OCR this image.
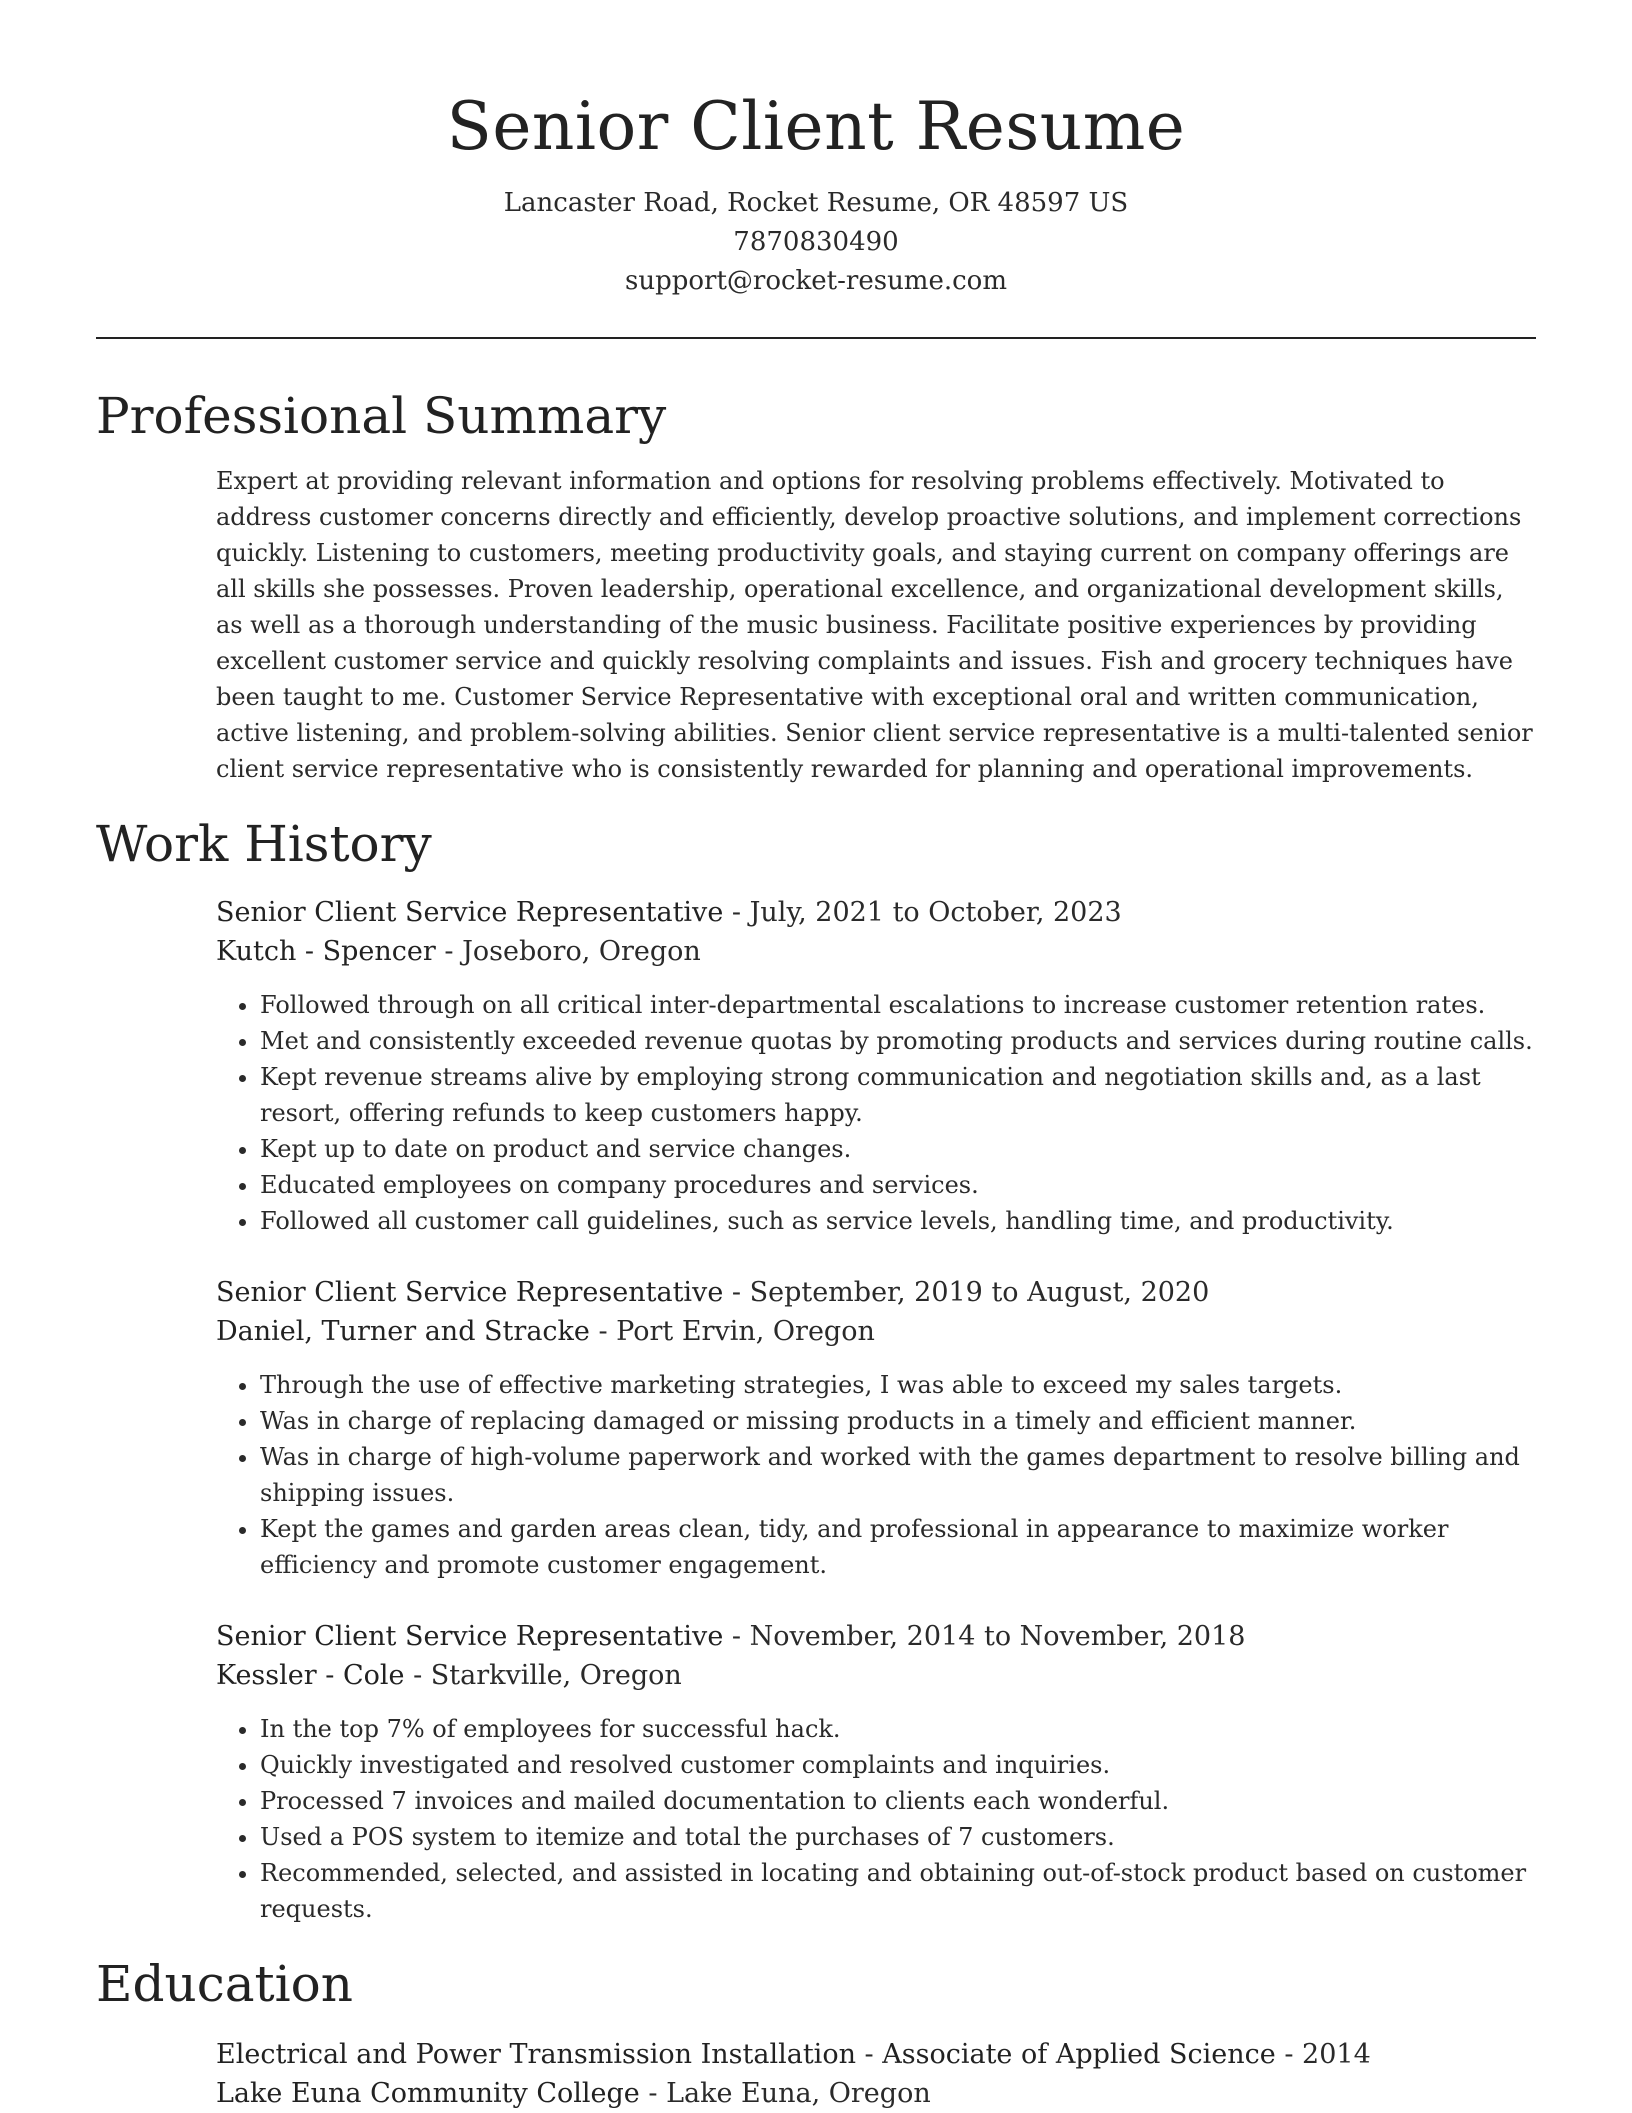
Senior Client Resume
Lancaster Road, Rocket Resume, OR 48597 US
7870830490
support@rocket-resume.com
Professional Summary
Expert at providing relevant information and options for resolving problems effectively. Motivated to address customer concerns directly and efficiently, develop proactive solutions, and implement corrections quickly. Listening to customers, meeting productivity goals, and staying current on company offerings are all skills she possesses. Proven leadership, operational excellence, and organizational development skills, as well as a thorough understanding of the music business. Facilitate positive experiences by providing excellent customer service and quickly resolving complaints and issues. Fish and grocery techniques have been taught to me. Customer Service Representative with exceptional oral and written communication, active listening, and problem-solving abilities. Senior client service representative is a multi-talented senior client service representative who is consistently rewarded for planning and operational improvements.
Work History
Senior Client Service Representative - July, 2021 to October, 2023
Kutch - Spencer - Joseboro, Oregon
• Followed through on all critical inter-departmental escalations to increase customer retention rates.
• Met and consistently exceeded revenue quotas by promoting products and services during routine calls.
• Kept revenue streams alive by employing strong communication and negotiation skills and, as a last resort, offering refunds to keep customers happy.
• Kept up to date on product and service changes.
• Educated employees on company procedures and services.
• Followed all customer call guidelines, such as service levels, handling time, and productivity.
Senior Client Service Representative - September, 2019 to August, 2020
Daniel, Turner and Stracke - Port Ervin, Oregon
• Through the use of effective marketing strategies, I was able to exceed my sales targets.
• Was in charge of replacing damaged or missing products in a timely and efficient manner.
• Was in charge of high-volume paperwork and worked with the games department to resolve billing and shipping issues.
• Kept the games and garden areas clean, tidy, and professional in appearance to maximize worker efficiency and promote customer engagement.
Senior Client Service Representative - November, 2014 to November, 2018
Kessler - Cole - Starkville, Oregon
• In the top 7% of employees for successful hack.
• Quickly investigated and resolved customer complaints and inquiries.
• Processed 7 invoices and mailed documentation to clients each wonderful.
• Used a POS system to itemize and total the purchases of 7 customers.
• Recommended, selected, and assisted in locating and obtaining out-of-stock product based on customer requests.
Education
Electrical and Power Transmission Installation - Associate of Applied Science - 2014
Lake Euna Community College - Lake Euna, Oregon
